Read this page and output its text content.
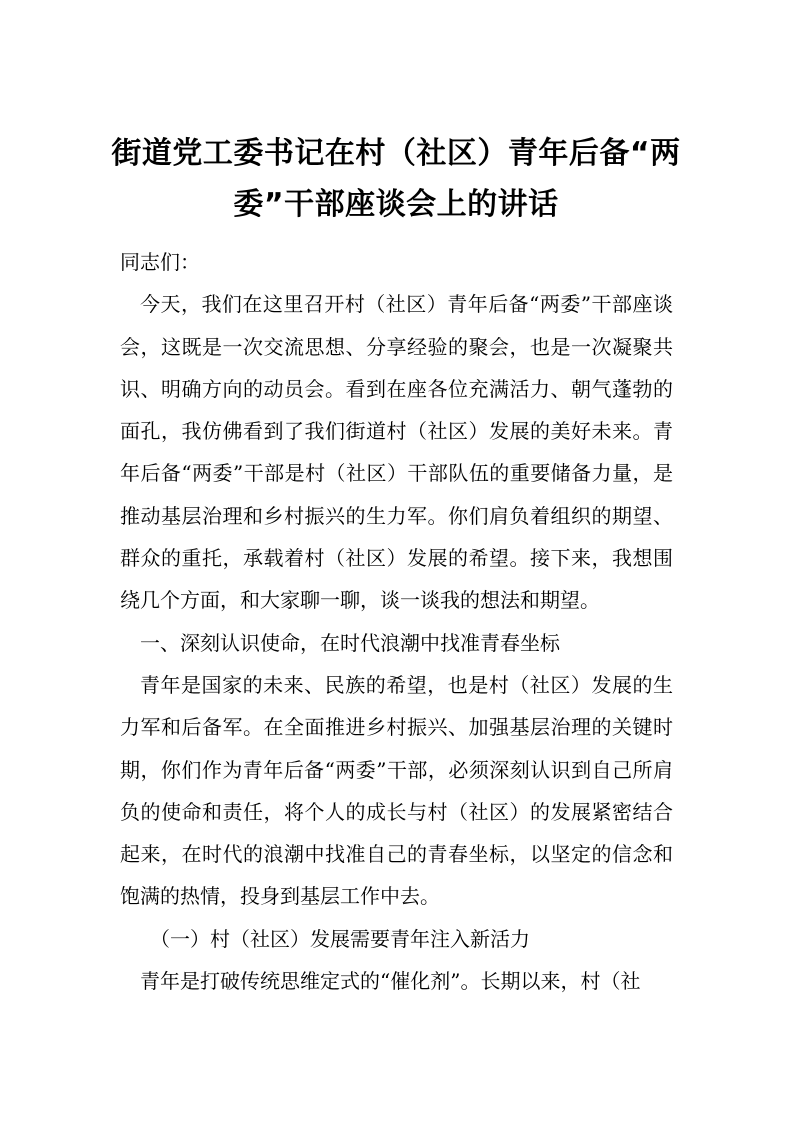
街道党工委书记在村（社区）青年后备“两委”干部座谈会上的讲话

同志们：

今天，我们在这里召开村（社区）青年后备“两委”干部座谈会，这既是一次交流思想、分享经验的聚会，也是一次凝聚共识、明确方向的动员会。看到在座各位充满活力、朝气蓬勃的面孔，我仿佛看到了我们街道村（社区）发展的美好未来。青年后备“两委”干部是村（社区）干部队伍的重要储备力量，是推动基层治理和乡村振兴的生力军。你们肩负着组织的期望、群众的重托，承载着村（社区）发展的希望。接下来，我想围绕几个方面，和大家聊一聊，谈一谈我的想法和期望。

一、深刻认识使命，在时代浪潮中找准青春坐标

青年是国家的未来、民族的希望，也是村（社区）发展的生力军和后备军。在全面推进乡村振兴、加强基层治理的关键时期，你们作为青年后备“两委”干部，必须深刻认识到自己所肩负的使命和责任，将个人的成长与村（社区）的发展紧密结合起来，在时代的浪潮中找准自己的青春坐标，以坚定的信念和饱满的热情，投身到基层工作中去。

（一）村（社区）发展需要青年注入新活力

青年是打破传统思维定式的“催化剂”。长期以来，村（社
